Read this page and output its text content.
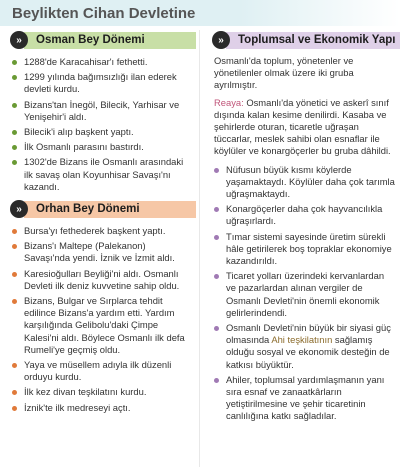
Beylikten Cihan Devletine
»	Osman Bey Dönemi
1288'de Karacahisar'ı fethetti.
1299 yılında bağımsızlığı ilan ederek devleti kurdu.
Bizans'tan İnegöl, Bilecik, Yarhisar ve Yenişehir'i aldı.
Bilecik'i alıp başkent yaptı.
İlk Osmanlı parasını bastırdı.
1302'de Bizans ile Osmanlı arasındaki ilk savaş olan Koyunhisar Savaşı'nı kazandı.
»	Orhan Bey Dönemi
Bursa'yı fethederek başkent yaptı.
Bizans'ı Maltepe (Palekanon) Savaşı'nda yendi. İznik ve İzmit aldı.
Karesioğulları Beyliği'ni aldı. Osmanlı Devleti ilk deniz kuvvetine sahip oldu.
Bizans, Bulgar ve Sırplarca tehdit edilince Bizans'a yardım etti. Yardım karşılığında Gelibolu'daki Çimpe Kalesi'ni aldı. Böylece Osmanlı ilk defa Rumeli'ye geçmiş oldu.
Yaya ve müsellem adıyla ilk düzenli orduyu kurdu.
İlk kez divan teşkilatını kurdu.
İznik'te ilk medreseyi açtı.
»	Toplumsal ve Ekonomik Yapı

Osmanlı'da toplum, yönetenler ve yönetilenler olmak üzere iki gruba ayrılmıştır.

Reaya: Osmanlı'da yönetici ve askerî sınıf dışında kalan kesime denilirdi. Kasaba ve şehirlerde oturan, ticaretle uğraşan tüccarlar, meslek sahibi olan esnaflar ile köylüler ve konargöçerler bu gruba dâhildi.

Nüfusun büyük kısmı köylerde yaşamaktaydı. Köylüler daha çok tarımla uğraşmaktaydı.
Konargöçerler daha çok hayvancılıkla uğraşırlardı.
Tımar sistemi sayesinde üretim sürekli hâle getirilerek boş topraklar ekonomiye kazandırıldı.
Ticaret yolları üzerindeki kervanlardan ve pazarlardan alınan vergiler de Osmanlı Devleti'nin önemli ekonomik gelirlerindendi.
Osmanlı Devleti'nin büyük bir siyasi güç olmasında Ahi teşkilatının sağlamış olduğu sosyal ve ekonomik desteğin de katkısı büyüktür.
Ahiler, toplumsal yardımlaşmanın yanı sıra esnaf ve zanaatkârların yetiştirilmesine ve şehir ticaretinin canlılığına katkı sağladılar.
